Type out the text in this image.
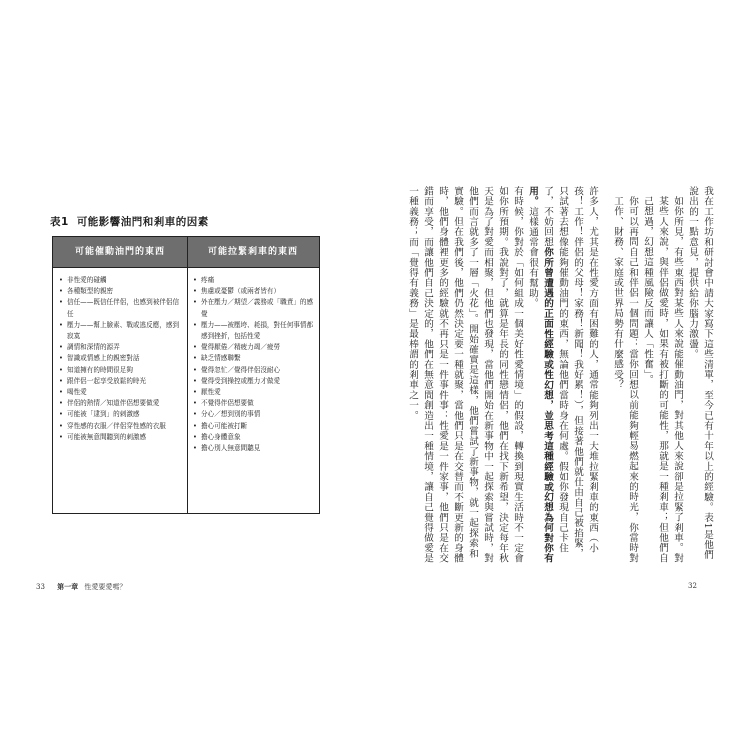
表1 可能影響油門和剎車的因素
可能催動油門的東西	可能拉緊剎車的東西
• 非性愛的碰觸
• 各種類型的親密
• 信任——既信任伴侶，也感到被伴侶信任
• 壓力——幫上臉素、戰或逃反應，感到寂寞
• 調情和深情的源弄
• 智識或情感上的親密對話
• 知道擁有的時間很足夠
• 跟伴侶一起享受放鬆的時光
• 喝性愛
• 伴侶的熱情／知道伴侶想要做愛
• 可能被「逮到」的刺激感
• 穿性感的衣服／伴侶穿性感的衣服
• 可能被無意間聽到的刺激感
• 疼痛
• 焦慮或憂鬱（或兩者皆有）
• 外在壓力／期望／義務或「職責」的感覺
• 壓力——被壓垮、耗損，對任何事情都感到挫折，包括性愛
• 覺得厭倦／精疲力竭／疲勞
• 缺乏情感聯繫
• 覺得忽忙／覺得伴侶沒耐心
• 覺得受到操控或壓力才做愛
• 厭性愛
• 不覺得伴侶想要做
• 分心／想到別的事情
• 擔心可能被打斷
• 擔心身體意象
• 擔心別人無意間聽見
33 第一章 性愛要愛嗎？

我在工作坊和研討會中請大家寫下這些清單，至今已有十年以上的經驗。表1是他們說出的一點意見，提供給你腦力激盪。

如你所見，有些東西對某些人來說能催動油門，對其他人來說卻是拉緊了剎車。對某些人來說，與伴侶做愛時，如果有被打斷的可能性，那就是一種剎車；但他們自己想過，幻想這種風險反而讓人「性奮」。

你可以再問自己和伴侶一個問題：當你回想以前能夠輕易燃起來的時光，你當時對工作、財務、家庭或世界局勢有什麼感受？

許多人，尤其是在性愛方面有困難的人，通常能夠列出一大堆拉緊剎車的東西（小孩！工作！伴侶的父母！家務！新聞！我好累！），但接著他們就仕由自己被掐緊，只試著去想像能夠催動油門的東西，無論他們當時身在何處。假如你發現自己卡住了，不妨回想你所曾遭遇的正面性經驗或性幻想，並思考這種經驗或幻想為何對你有用。這樣通常會很有幫助。

有時候，你對於「如何組成一個美好性愛情境」的假設，轉換到現實生活時不一定會如你所預期。我說對了，就算是年長的同性戀情侶，他們在找下新希望，決定每年秋天是為了對愛而相聚，但他們也發現，當他們開始在新事物中一起探索與嘗試時，對他們而言就多了一層「火花」。開始確實是這樣，他們嘗試了新事物，就一起探索和實驗。但在我們後，他們仍然決定要一種就聚，當他們只是在交替而不斷更新的身體時，他們身體裡更多的經驗就不再只是一件事件事：性愛是一件家事，他們只是在交錯而享受，而讓他們自己決定的，他們在無意間創造出一種情境，讓自己覺得做愛是一種義務；而「覺得有義務」是最棒謂的剎車之一。

32
